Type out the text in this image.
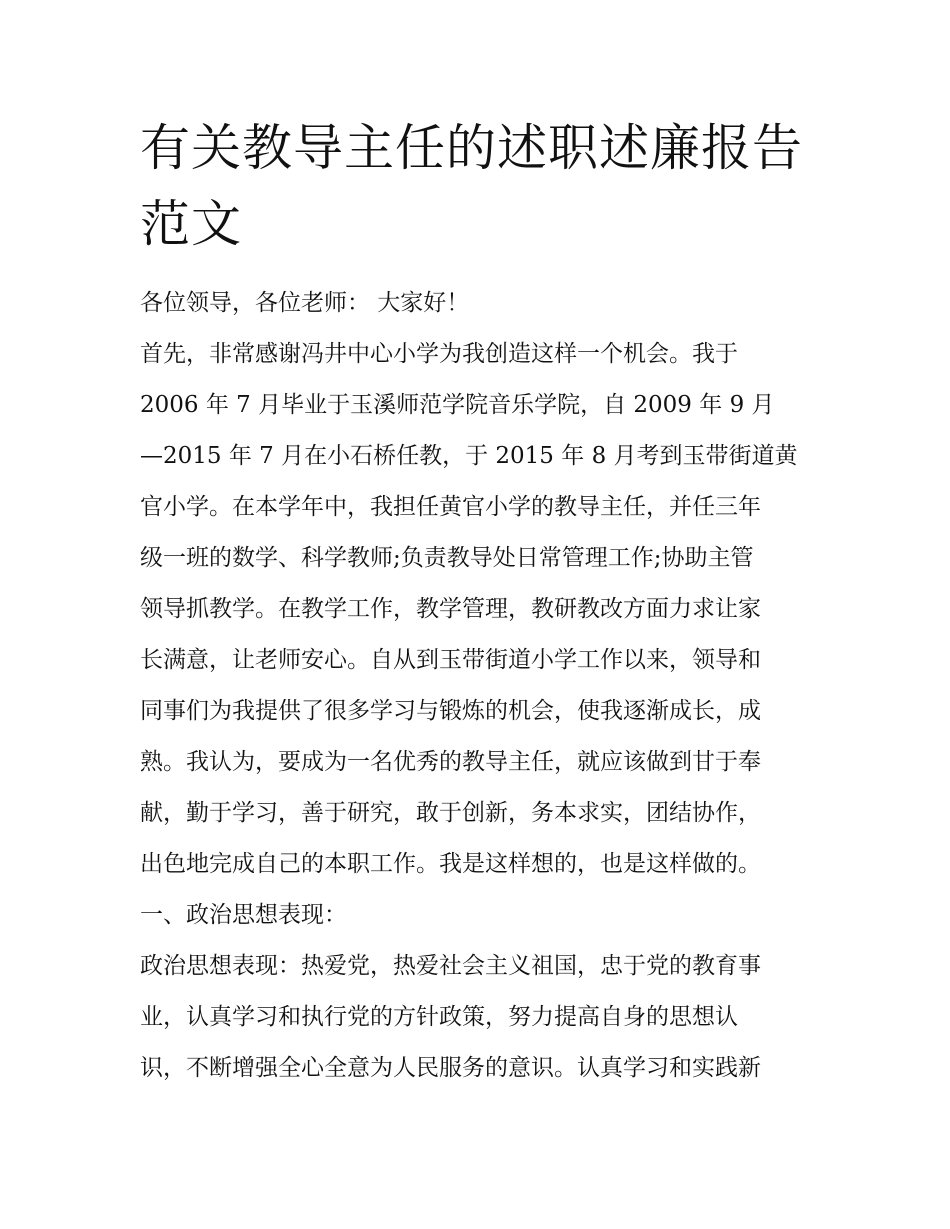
有关教导主任的述职述廉报告
范文
各位领导，各位老师： 大家好！
首先，非常感谢冯井中心小学为我创造这样一个机会。我于
2006 年 7 月毕业于玉溪师范学院音乐学院，自 2009 年 9 月
—2015 年 7 月在小石桥任教，于 2015 年 8 月考到玉带街道黄
官小学。在本学年中，我担任黄官小学的教导主任，并任三年
级一班的数学、科学教师;负责教导处日常管理工作;协助主管
领导抓教学。在教学工作，教学管理，教研教改方面力求让家
长满意，让老师安心。自从到玉带街道小学工作以来，领导和
同事们为我提供了很多学习与锻炼的机会，使我逐渐成长，成
熟。我认为，要成为一名优秀的教导主任，就应该做到甘于奉
献，勤于学习，善于研究，敢于创新，务本求实，团结协作，
出色地完成自己的本职工作。我是这样想的，也是这样做的。
一、政治思想表现：
政治思想表现：热爱党，热爱社会主义祖国，忠于党的教育事
业，认真学习和执行党的方针政策，努力提高自身的思想认
识，不断增强全心全意为人民服务的意识。认真学习和实践新
